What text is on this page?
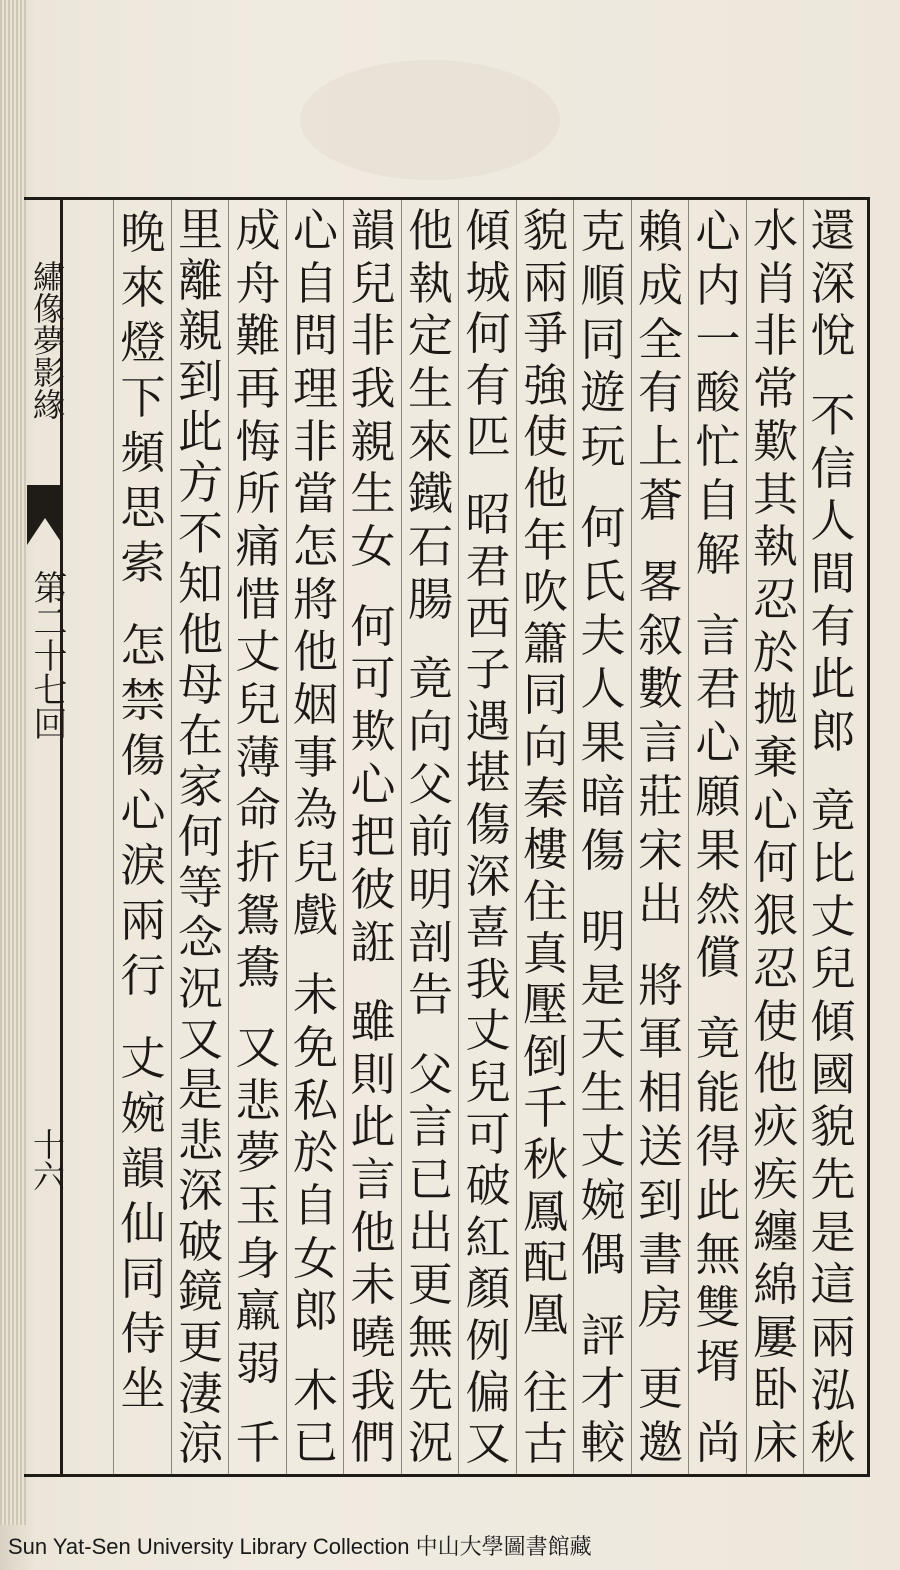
繡像夢影緣
第二十七回
十六
還
深
悅

不
信
人
間
有
此
郎

竟
比
丈
兒
傾
國
貌
先
是
這
兩
泓
秋
水
肖
非
常
歎
其
執
忍
於
拋
棄
心
何
狠
忍
使
他
疢
疾
纏
綿
屢
卧
床
心
内
一
酸
忙
自
解

言
君
心
願
果
然
償

竟
能
得
此
無
雙
壻

尚
賴
成
全
有
上
蒼

畧
叙
數
言
莊
宋
出

將
軍
相
送
到
書
房

更
邀
克
順
同
遊
玩

何
氏
夫
人
果
暗
傷

明
是
天
生
丈
婉
偶

評
才
較
貌
兩
爭
強
使
他
年
吹
簫
同
向
秦
樓
住
真
壓
倒
千
秋
鳳
配
凰

往
古
傾
城
何
有
匹

昭
君
西
子
遇
堪
傷
深
喜
我
丈
兒
可
破
紅
顏
例
偏
又
他
執
定
生
來
鐵
石
腸

竟
向
父
前
明
剖
告

父
言
已
出
更
無
先
況
韻
兒
非
我
親
生
女

何
可
欺
心
把
彼
誑

雖
則
此
言
他
未
曉
我
們
心
自
問
理
非
當
怎
將
他
姻
事
為
兒
戲

未
免
私
於
自
女
郎

木
已
成
舟
難
再
悔
所
痛
惜
丈
兒
薄
命
折
鴛
鴦

又
悲
夢
玉
身
羸
弱

千
里
離
親
到
此
方
不
知
他
母
在
家
何
等
念
況
又
是
悲
深
破
鏡
更
淒
涼
晚
來
燈
下
頻
思
索

怎
禁
傷
心
淚
兩
行

丈
婉
韻
仙
同
侍
坐
Sun Yat-Sen University Library Collection 中山大學圖書館藏
